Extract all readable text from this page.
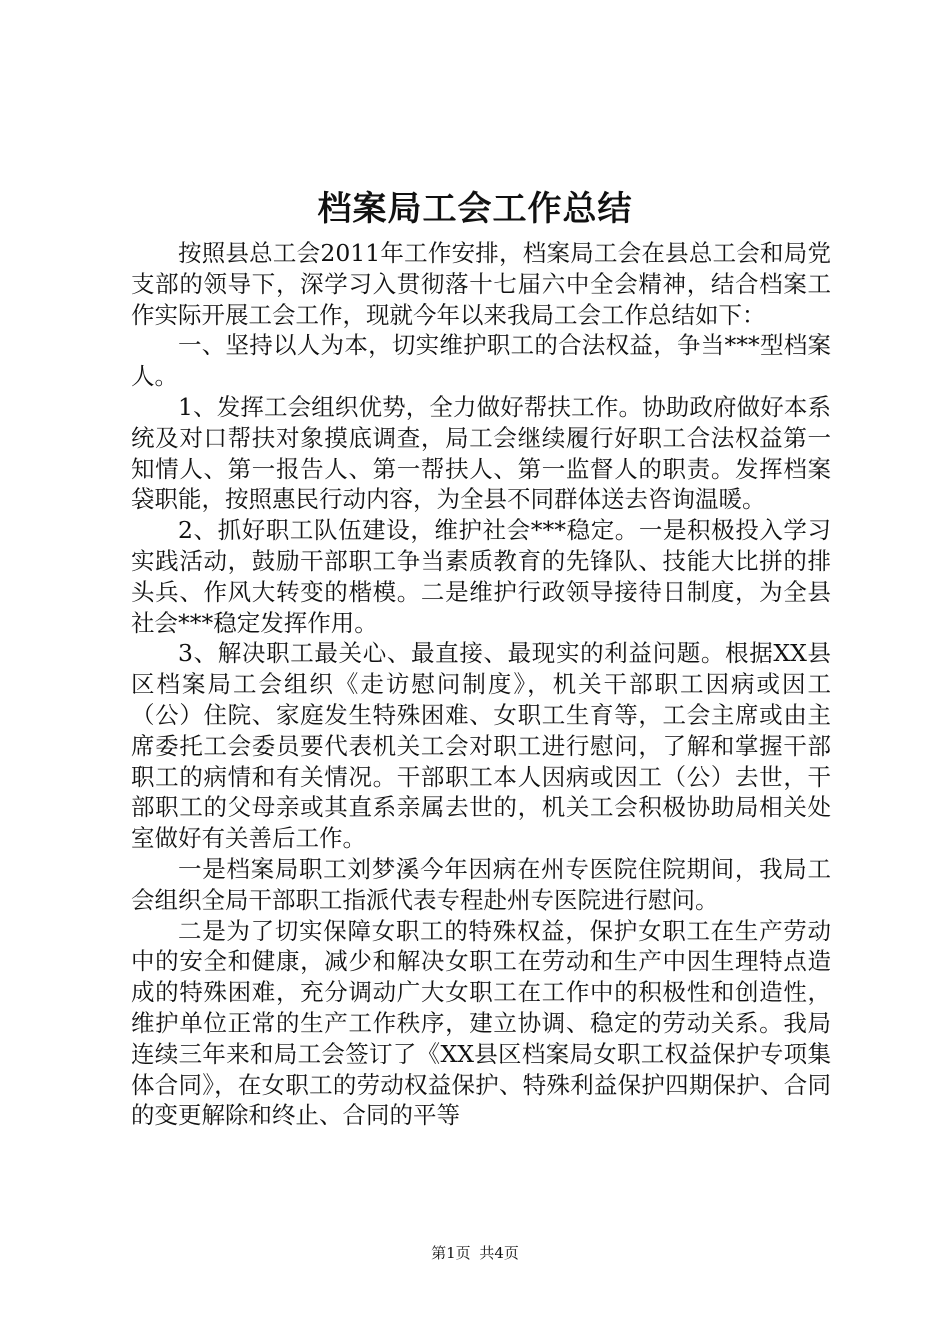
档案局工会工作总结

按照县总工会2011年工作安排，档案局工会在县总工会和局党支部的领导下，深学习入贯彻落十七届六中全会精神，结合档案工作实际开展工会工作，现就今年以来我局工会工作总结如下：

一、坚持以人为本，切实维护职工的合法权益，争当***型档案人。

1、发挥工会组织优势，全力做好帮扶工作。协助政府做好本系统及对口帮扶对象摸底调查，局工会继续履行好职工合法权益第一知情人、第一报告人、第一帮扶人、第一监督人的职责。发挥档案袋职能，按照惠民行动内容，为全县不同群体送去咨询温暖。

2、抓好职工队伍建设，维护社会***稳定。一是积极投入学习实践活动，鼓励干部职工争当素质教育的先锋队、技能大比拼的排头兵、作风大转变的楷模。二是维护行政领导接待日制度，为全县社会***稳定发挥作用。

3、解决职工最关心、最直接、最现实的利益问题。根据XX县区档案局工会组织《走访慰问制度》，机关干部职工因病或因工（公）住院、家庭发生特殊困难、女职工生育等，工会主席或由主席委托工会委员要代表机关工会对职工进行慰问，了解和掌握干部职工的病情和有关情况。干部职工本人因病或因工（公）去世，干部职工的父母亲或其直系亲属去世的，机关工会积极协助局相关处室做好有关善后工作。

一是档案局职工刘梦溪今年因病在州专医院住院期间，我局工会组织全局干部职工指派代表专程赴州专医院进行慰问。

二是为了切实保障女职工的特殊权益，保护女职工在生产劳动中的安全和健康，减少和解决女职工在劳动和生产中因生理特点造成的特殊困难，充分调动广大女职工在工作中的积极性和创造性，维护单位正常的生产工作秩序，建立协调、稳定的劳动关系。我局连续三年来和局工会签订了《XX县区档案局女职工权益保护专项集体合同》，在女职工的劳动权益保护、特殊利益保护四期保护、合同的变更解除和终止、合同的平等

第1页 共4页
